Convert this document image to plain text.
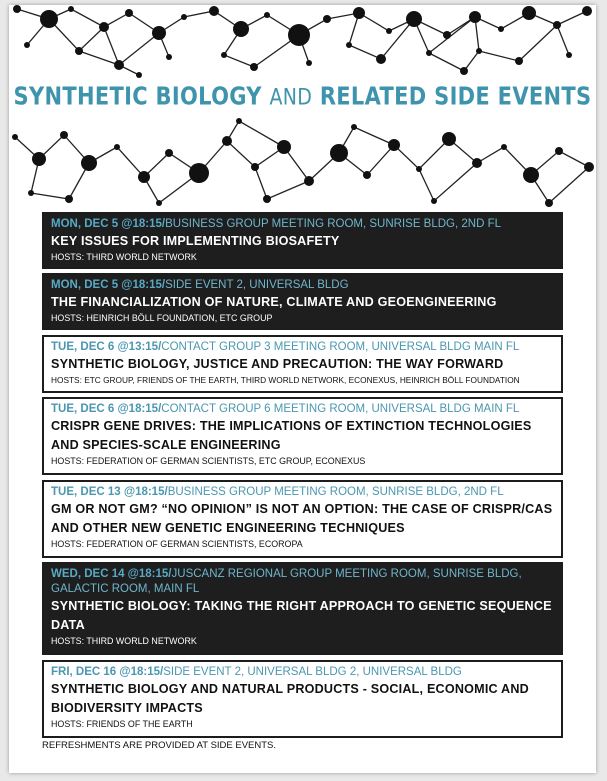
SYNTHETIC BIOLOGY AND RELATED SIDE EVENTS
MON, DEC 5 @18:15/BUSINESS GROUP MEETING ROOM, SUNRISE BLDG, 2ND FL
KEY ISSUES FOR IMPLEMENTING BIOSAFETY
HOSTS: THIRD WORLD NETWORK
MON, DEC 5 @18:15/SIDE EVENT 2, UNIVERSAL BLDG
THE FINANCIALIZATION OF NATURE, CLIMATE AND GEOENGINEERING
HOSTS: HEINRICH BÖLL FOUNDATION, ETC GROUP
TUE, DEC 6 @13:15/CONTACT GROUP 3 MEETING ROOM, UNIVERSAL BLDG MAIN FL
SYNTHETIC BIOLOGY, JUSTICE AND PRECAUTION: THE WAY FORWARD
HOSTS: ETC GROUP, FRIENDS OF THE EARTH, THIRD WORLD NETWORK, ECONEXUS, HEINRICH BÖLL FOUNDATION
TUE, DEC 6 @18:15/CONTACT GROUP 6 MEETING ROOM, UNIVERSAL BLDG MAIN FL
CRISPR GENE DRIVES: THE IMPLICATIONS OF EXTINCTION TECHNOLOGIES AND SPECIES-SCALE ENGINEERING
HOSTS: FEDERATION OF GERMAN SCIENTISTS, ETC GROUP, ECONEXUS
TUE, DEC 13 @18:15/BUSINESS GROUP MEETING ROOM, SUNRISE BLDG, 2ND FL
GM OR NOT GM? “NO OPINION” IS NOT AN OPTION: THE CASE OF CRISPR/CAS AND OTHER NEW GENETIC ENGINEERING TECHNIQUES
HOSTS: FEDERATION OF GERMAN SCIENTISTS, ECOROPA
WED, DEC 14 @18:15/JUSCANZ REGIONAL GROUP MEETING ROOM, SUNRISE BLDG, GALACTIC ROOM, MAIN FL
SYNTHETIC BIOLOGY: TAKING THE RIGHT APPROACH TO GENETIC SEQUENCE DATA
HOSTS: THIRD WORLD NETWORK
FRI, DEC 16 @18:15/SIDE EVENT 2, UNIVERSAL BLDG 2, UNIVERSAL BLDG
SYNTHETIC BIOLOGY AND NATURAL PRODUCTS - SOCIAL, ECONOMIC AND BIODIVERSITY IMPACTS
HOSTS: FRIENDS OF THE EARTH
REFRESHMENTS ARE PROVIDED AT SIDE EVENTS.
